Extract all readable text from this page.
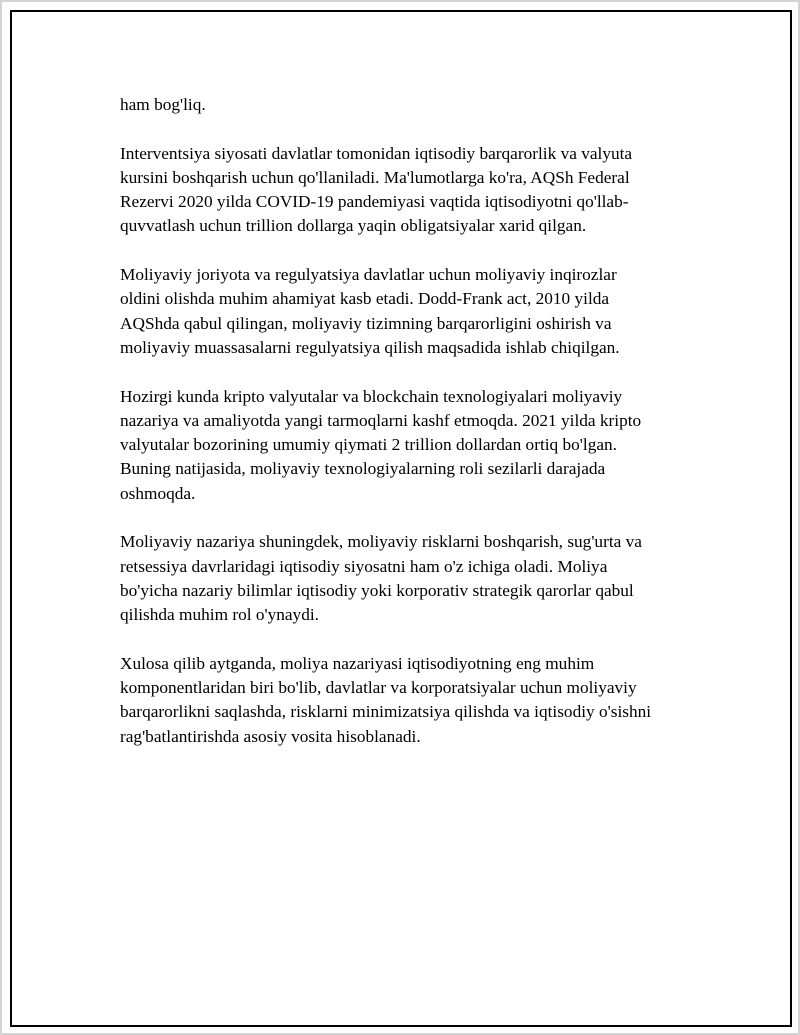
ham bog'liq.

Interventsiya siyosati davlatlar tomonidan iqtisodiy barqarorlik va valyuta
kursini boshqarish uchun qo'llaniladi. Ma'lumotlarga ko'ra, AQSh Federal
Rezervi 2020 yilda COVID-19 pandemiyasi vaqtida iqtisodiyotni qo'llab-
quvvatlash uchun trillion dollarga yaqin obligatsiyalar xarid qilgan.

Moliyaviy joriyota va regulyatsiya davlatlar uchun moliyaviy inqirozlar
oldini olishda muhim ahamiyat kasb etadi. Dodd-Frank act, 2010 yilda
AQShda qabul qilingan, moliyaviy tizimning barqarorligini oshirish va
moliyaviy muassasalarni regulyatsiya qilish maqsadida ishlab chiqilgan.

Hozirgi kunda kripto valyutalar va blockchain texnologiyalari moliyaviy
nazariya va amaliyotda yangi tarmoqlarni kashf etmoqda. 2021 yilda kripto
valyutalar bozorining umumiy qiymati 2 trillion dollardan ortiq bo'lgan.
Buning natijasida, moliyaviy texnologiyalarning roli sezilarli darajada
oshmoqda.

Moliyaviy nazariya shuningdek, moliyaviy risklarni boshqarish, sug'urta va
retsessiya davrlaridagi iqtisodiy siyosatni ham o'z ichiga oladi. Moliya
bo'yicha nazariy bilimlar iqtisodiy yoki korporativ strategik qarorlar qabul
qilishda muhim rol o'ynaydi.

Xulosa qilib aytganda, moliya nazariyasi iqtisodiyotning eng muhim
komponentlaridan biri bo'lib, davlatlar va korporatsiyalar uchun moliyaviy
barqarorlikni saqlashda, risklarni minimizatsiya qilishda va iqtisodiy o'sishni
rag'batlantirishda asosiy vosita hisoblanadi.
